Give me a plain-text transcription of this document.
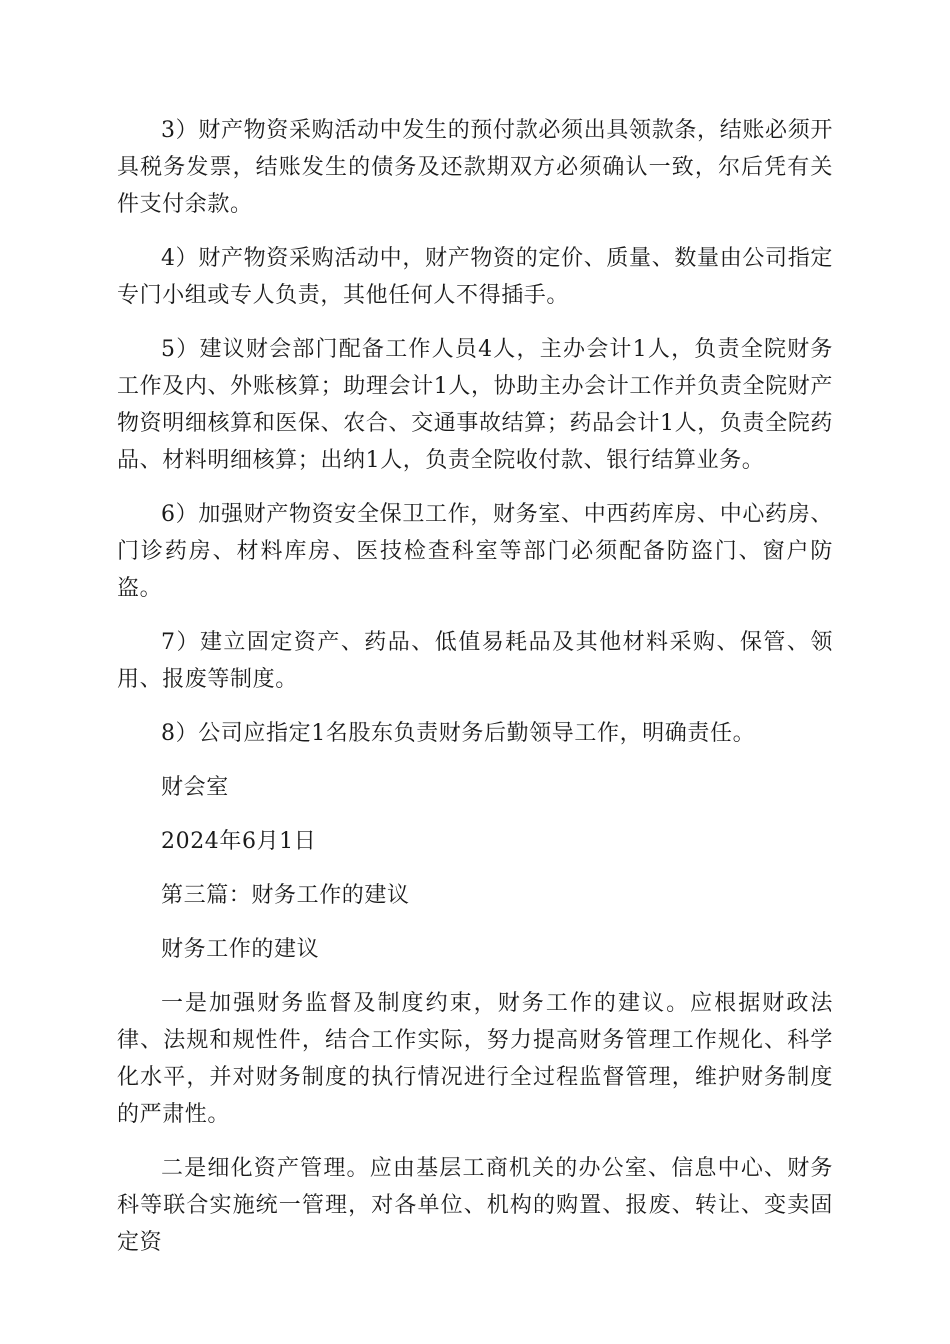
3）财产物资采购活动中发生的预付款必须出具领款条，结账必须开具税务发票，结账发生的债务及还款期双方必须确认一致，尔后凭有关件支付余款。

4）财产物资采购活动中，财产物资的定价、质量、数量由公司指定专门小组或专人负责，其他任何人不得插手。

5）建议财会部门配备工作人员4人，主办会计1人，负责全院财务工作及内、外账核算；助理会计1人，协助主办会计工作并负责全院财产物资明细核算和医保、农合、交通事故结算；药品会计1人，负责全院药品、材料明细核算；出纳1人，负责全院收付款、银行结算业务。

6）加强财产物资安全保卫工作，财务室、中西药库房、中心药房、门诊药房、材料库房、医技检查科室等部门必须配备防盗门、窗户防盗。

7）建立固定资产、药品、低值易耗品及其他材料采购、保管、领用、报废等制度。

8）公司应指定1名股东负责财务后勤领导工作，明确责任。

财会室

2024年6月1日

第三篇：财务工作的建议

财务工作的建议

一是加强财务监督及制度约束，财务工作的建议。应根据财政法律、法规和规性件，结合工作实际，努力提高财务管理工作规化、科学化水平，并对财务制度的执行情况进行全过程监督管理，维护财务制度的严肃性。

二是细化资产管理。应由基层工商机关的办公室、信息中心、财务科等联合实施统一管理，对各单位、机构的购置、报废、转让、变卖固定资
